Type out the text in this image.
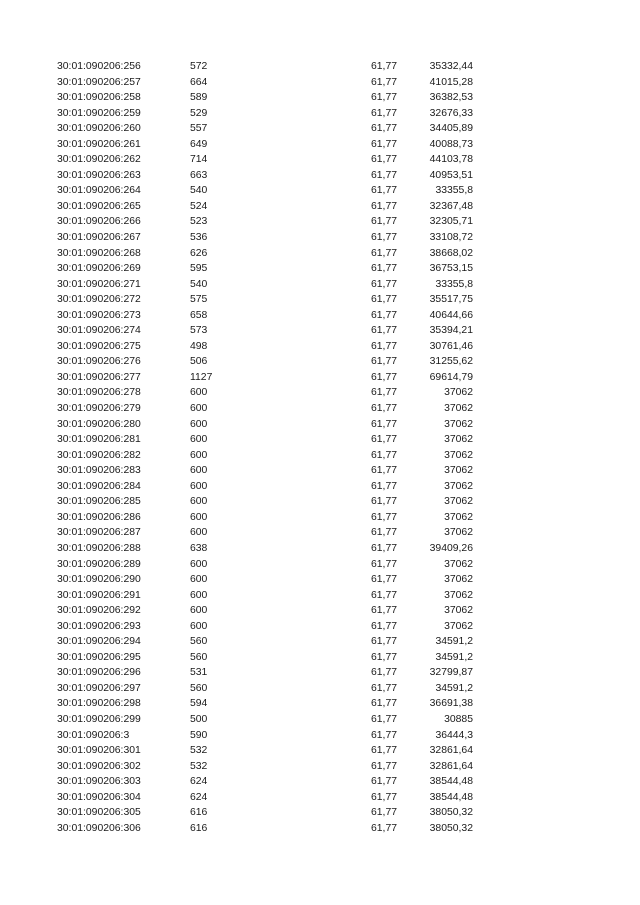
30:01:090206:256	572	61,77	35332,44
30:01:090206:257	664	61,77	41015,28
30:01:090206:258	589	61,77	36382,53
30:01:090206:259	529	61,77	32676,33
30:01:090206:260	557	61,77	34405,89
30:01:090206:261	649	61,77	40088,73
30:01:090206:262	714	61,77	44103,78
30:01:090206:263	663	61,77	40953,51
30:01:090206:264	540	61,77	33355,8
30:01:090206:265	524	61,77	32367,48
30:01:090206:266	523	61,77	32305,71
30:01:090206:267	536	61,77	33108,72
30:01:090206:268	626	61,77	38668,02
30:01:090206:269	595	61,77	36753,15
30:01:090206:271	540	61,77	33355,8
30:01:090206:272	575	61,77	35517,75
30:01:090206:273	658	61,77	40644,66
30:01:090206:274	573	61,77	35394,21
30:01:090206:275	498	61,77	30761,46
30:01:090206:276	506	61,77	31255,62
30:01:090206:277	1127	61,77	69614,79
30:01:090206:278	600	61,77	37062
30:01:090206:279	600	61,77	37062
30:01:090206:280	600	61,77	37062
30:01:090206:281	600	61,77	37062
30:01:090206:282	600	61,77	37062
30:01:090206:283	600	61,77	37062
30:01:090206:284	600	61,77	37062
30:01:090206:285	600	61,77	37062
30:01:090206:286	600	61,77	37062
30:01:090206:287	600	61,77	37062
30:01:090206:288	638	61,77	39409,26
30:01:090206:289	600	61,77	37062
30:01:090206:290	600	61,77	37062
30:01:090206:291	600	61,77	37062
30:01:090206:292	600	61,77	37062
30:01:090206:293	600	61,77	37062
30:01:090206:294	560	61,77	34591,2
30:01:090206:295	560	61,77	34591,2
30:01:090206:296	531	61,77	32799,87
30:01:090206:297	560	61,77	34591,2
30:01:090206:298	594	61,77	36691,38
30:01:090206:299	500	61,77	30885
30:01:090206:3	590	61,77	36444,3
30:01:090206:301	532	61,77	32861,64
30:01:090206:302	532	61,77	32861,64
30:01:090206:303	624	61,77	38544,48
30:01:090206:304	624	61,77	38544,48
30:01:090206:305	616	61,77	38050,32
30:01:090206:306	616	61,77	38050,32
